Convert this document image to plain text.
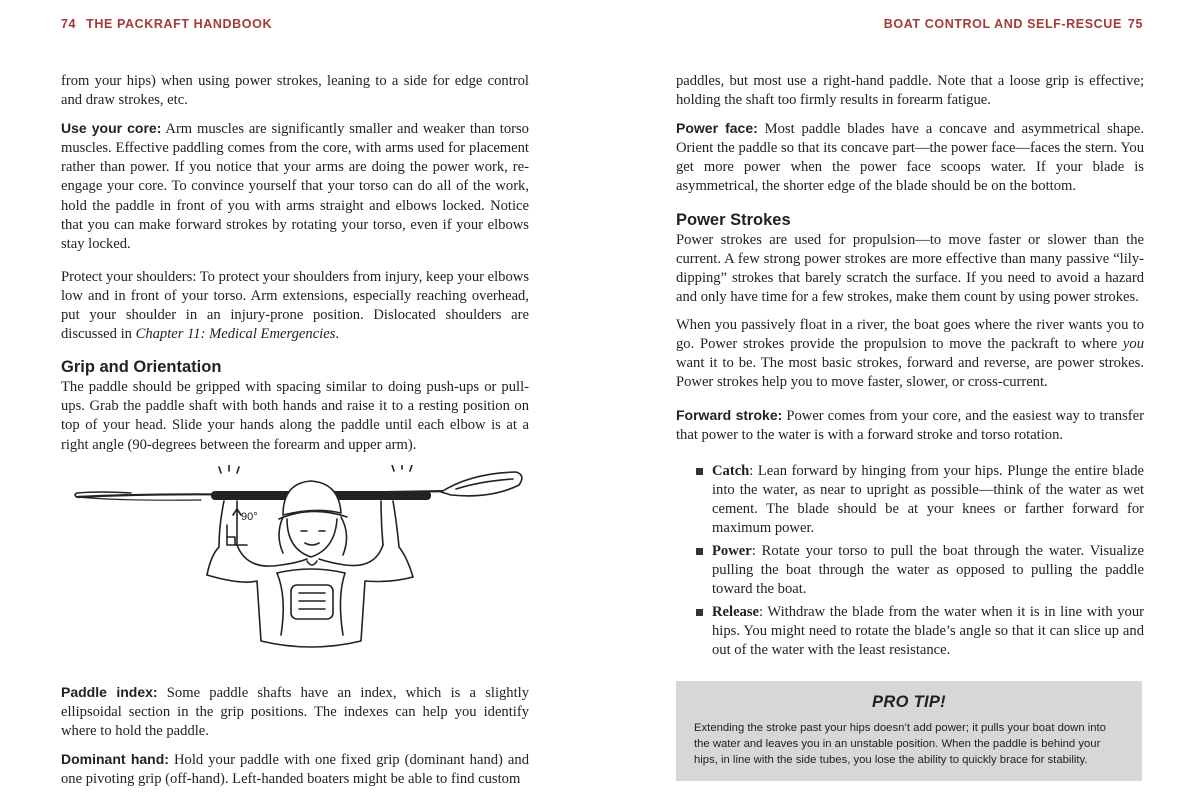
74 THE PACKRAFT HANDBOOK

from your hips) when using power strokes, leaning to a side for edge control and draw strokes, etc.

Use your core: Arm muscles are significantly smaller and weaker than torso muscles. Effective paddling comes from the core, with arms used for placement rather than power. If you notice that your arms are doing the power work, re-engage your core. To convince yourself that your torso can do all of the work, hold the paddle in front of you with arms straight and elbows locked. Notice that you can make forward strokes by rotating your torso, even if your elbows stay locked.

Protect your shoulders: To protect your shoulders from injury, keep your elbows low and in front of your torso. Arm extensions, especially reaching overhead, put your shoulder in an injury-prone position. Dislocated shoulders are discussed in Chapter 11: Medical Emergencies.

Grip and Orientation

The paddle should be gripped with spacing similar to doing push-ups or pull-ups. Grab the paddle shaft with both hands and raise it to a resting position on top of your head. Slide your hands along the paddle until each elbow is at a right angle (90-degrees between the forearm and upper arm).

90°

Paddle index: Some paddle shafts have an index, which is a slightly ellipsoidal section in the grip positions. The indexes can help you identify where to hold the paddle.

Dominant hand: Hold your paddle with one fixed grip (dominant hand) and one pivoting grip (off-hand). Left-handed boaters might be able to find custom

BOAT CONTROL AND SELF-RESCUE 75

paddles, but most use a right-hand paddle. Note that a loose grip is effective; holding the shaft too firmly results in forearm fatigue.

Power face: Most paddle blades have a concave and asymmetrical shape. Orient the paddle so that its concave part—the power face—faces the stern. You get more power when the power face scoops water. If your blade is asymmetrical, the shorter edge of the blade should be on the bottom.

Power Strokes

Power strokes are used for propulsion—to move faster or slower than the current. A few strong power strokes are more effective than many passive “lily-dipping” strokes that barely scratch the surface. If you need to avoid a hazard and only have time for a few strokes, make them count by using power strokes.

When you passively float in a river, the boat goes where the river wants you to go. Power strokes provide the propulsion to move the packraft to where you want it to be. The most basic strokes, forward and reverse, are power strokes. Power strokes help you to move faster, slower, or cross-current.

Forward stroke: Power comes from your core, and the easiest way to transfer that power to the water is with a forward stroke and torso rotation.

Catch: Lean forward by hinging from your hips. Plunge the entire blade into the water, as near to upright as possible—think of the water as wet cement. The blade should be at your knees or farther forward for maximum power.

Power: Rotate your torso to pull the boat through the water. Visualize pulling the boat through the water as opposed to pulling the paddle toward the boat.

Release: Withdraw the blade from the water when it is in line with your hips. You might need to rotate the blade’s angle so that it can slice up and out of the water with the least resistance.

PRO TIP!
Extending the stroke past your hips doesn’t add power; it pulls your boat down into the water and leaves you in an unstable position. When the paddle is behind your hips, in line with the side tubes, you lose the ability to quickly brace for stability.
